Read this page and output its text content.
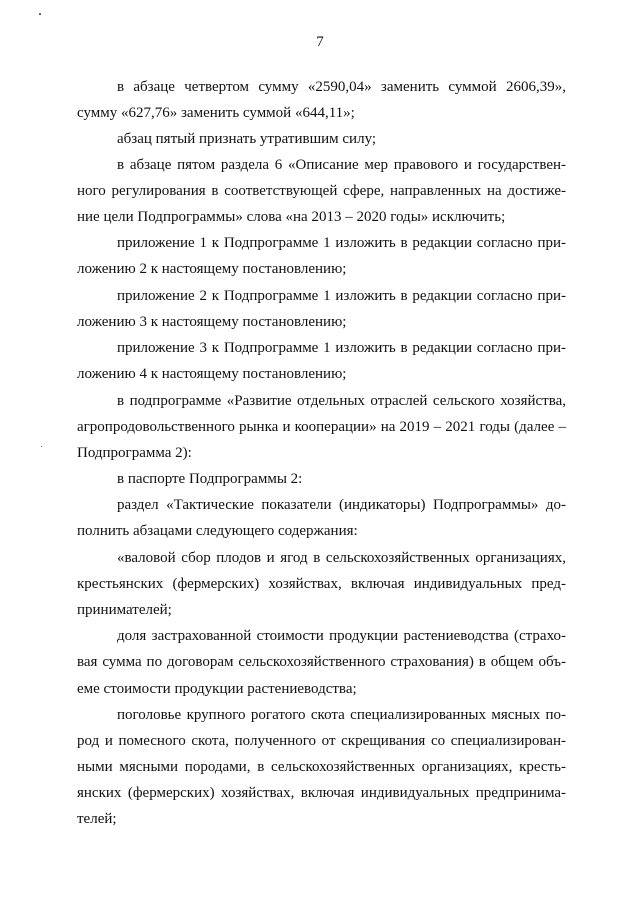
7
в абзаце четвертом сумму «2590,04» заменить суммой 2606,39»,
сумму «627,76» заменить суммой «644,11»;
абзац пятый признать утратившим силу;
в абзаце пятом раздела 6 «Описание мер правового и государствен-
ного регулирования в соответствующей сфере, направленных на достиже-
ние цели Подпрограммы» слова «на 2013 – 2020 годы» исключить;
приложение 1 к Подпрограмме 1 изложить в редакции согласно при-
ложению 2 к настоящему постановлению;
приложение 2 к Подпрограмме 1 изложить в редакции согласно при-
ложению 3 к настоящему постановлению;
приложение 3 к Подпрограмме 1 изложить в редакции согласно при-
ложению 4 к настоящему постановлению;
в подпрограмме «Развитие отдельных отраслей сельского хозяйства,
агропродовольственного рынка и кооперации» на 2019 – 2021 годы (далее –
Подпрограмма 2):
в паспорте Подпрограммы 2:
раздел «Тактические показатели (индикаторы) Подпрограммы» до-
полнить абзацами следующего содержания:
«валовой сбор плодов и ягод в сельскохозяйственных организациях,
крестьянских (фермерских) хозяйствах, включая индивидуальных пред-
принимателей;
доля застрахованной стоимости продукции растениеводства (страхо-
вая сумма по договорам сельскохозяйственного страхования) в общем объ-
еме стоимости продукции растениеводства;
поголовье крупного рогатого скота специализированных мясных по-
род и помесного скота, полученного от скрещивания со специализирован-
ными мясными породами, в сельскохозяйственных организациях, кресть-
янских (фермерских) хозяйствах, включая индивидуальных предпринима-
телей;
